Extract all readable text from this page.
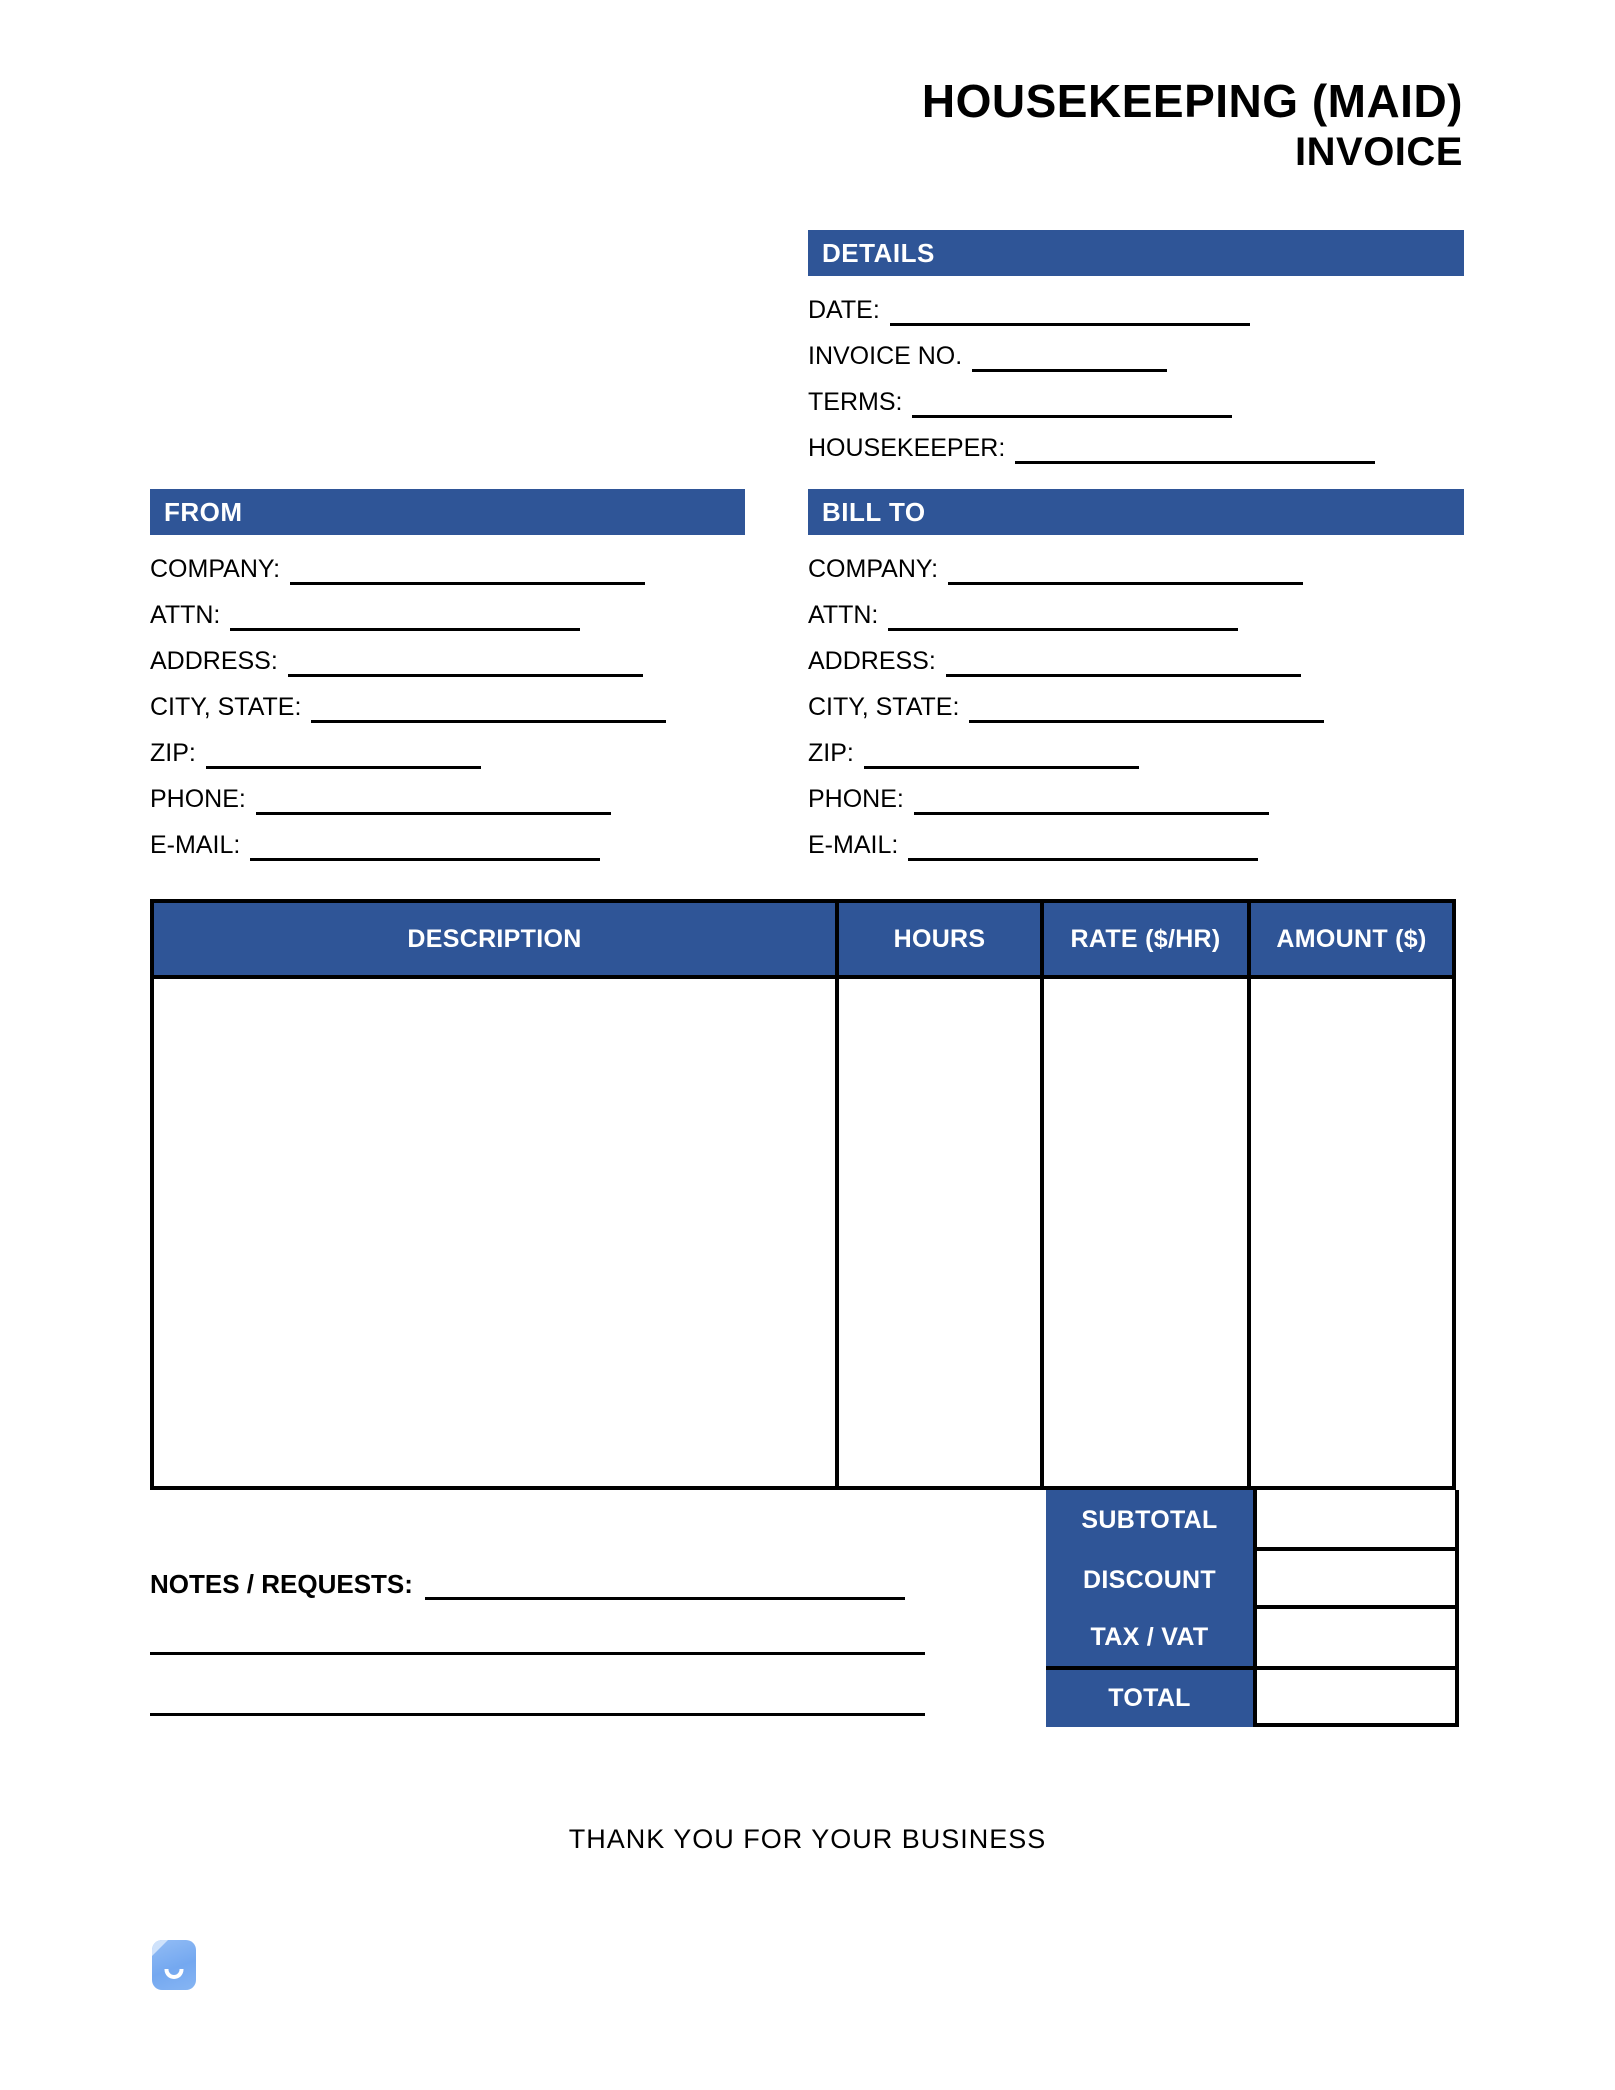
HOUSEKEEPING (MAID)
INVOICE
DETAILS
DATE:
INVOICE NO.
TERMS:
HOUSEKEEPER:
FROM
COMPANY:
ATTN:
ADDRESS:
CITY, STATE:
ZIP:
PHONE:
E-MAIL:
BILL TO
COMPANY:
ATTN:
ADDRESS:
CITY, STATE:
ZIP:
PHONE:
E-MAIL:
DESCRIPTION	HOURS	RATE ($/HR)	AMOUNT ($)
SUBTOTAL
DISCOUNT
TAX / VAT
TOTAL
NOTES / REQUESTS:
THANK YOU FOR YOUR BUSINESS
